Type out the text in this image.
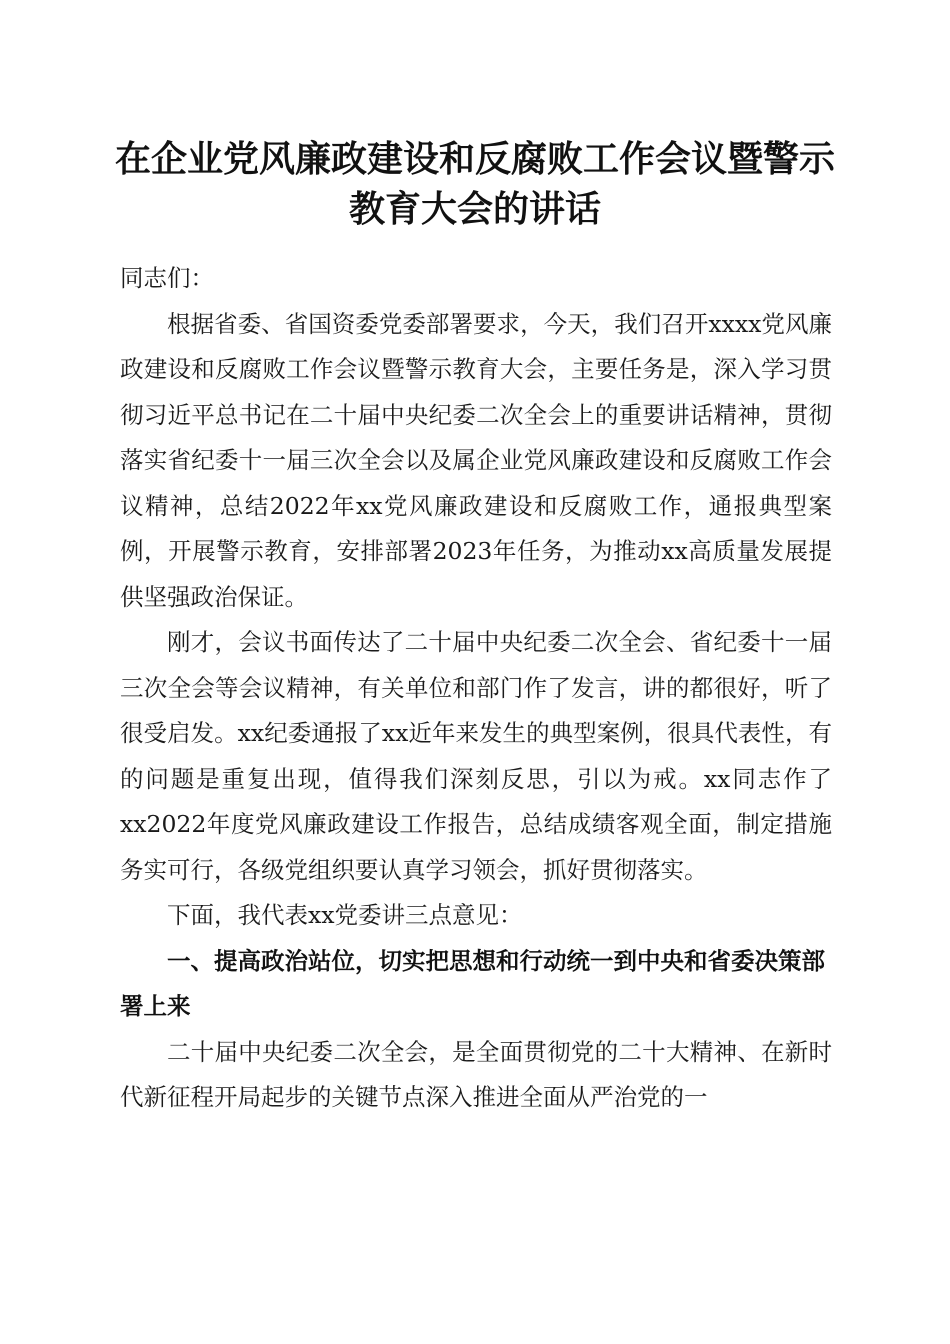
在企业党风廉政建设和反腐败工作会议暨警示
教育大会的讲话

同志们：

根据省委、省国资委党委部署要求，今天，我们召开xxxx党风廉政建设和反腐败工作会议暨警示教育大会，主要任务是，深入学习贯彻习近平总书记在二十届中央纪委二次全会上的重要讲话精神，贯彻落实省纪委十一届三次全会以及属企业党风廉政建设和反腐败工作会议精神，总结2022年xx党风廉政建设和反腐败工作，通报典型案例，开展警示教育，安排部署2023年任务，为推动xx高质量发展提供坚强政治保证。

刚才，会议书面传达了二十届中央纪委二次全会、省纪委十一届三次全会等会议精神，有关单位和部门作了发言，讲的都很好，听了很受启发。xx纪委通报了xx近年来发生的典型案例，很具代表性，有的问题是重复出现，值得我们深刻反思，引以为戒。xx同志作了xx2022年度党风廉政建设工作报告，总结成绩客观全面，制定措施务实可行，各级党组织要认真学习领会，抓好贯彻落实。

下面，我代表xx党委讲三点意见：

一、提高政治站位，切实把思想和行动统一到中央和省委决策部署上来

二十届中央纪委二次全会，是全面贯彻党的二十大精神、在新时代新征程开局起步的关键节点深入推进全面从严治党的一
